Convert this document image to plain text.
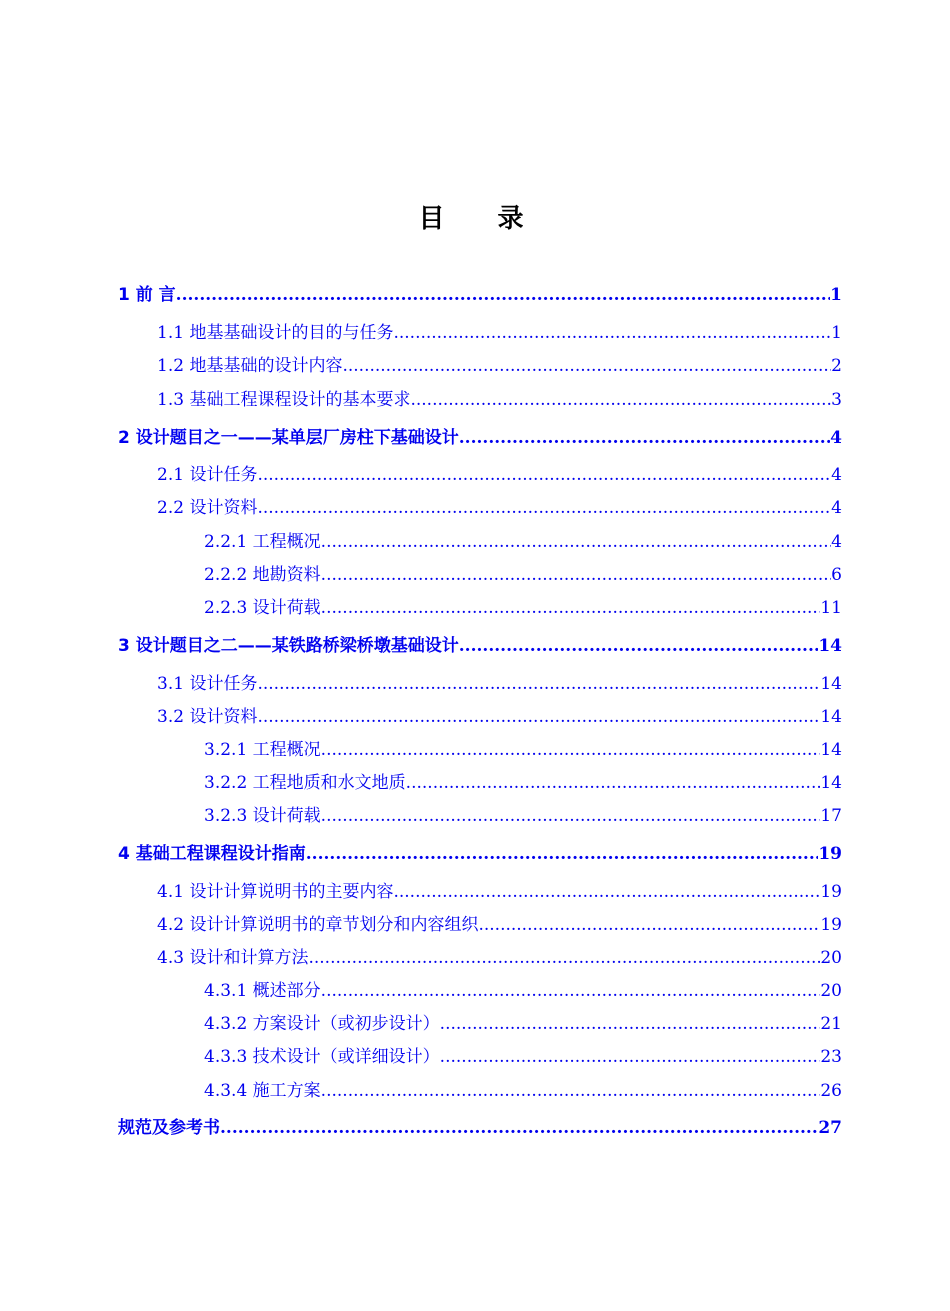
目 录
1 前 言 .....	1
1.1 地基基础设计的目的与任务 .....	1
1.2 地基基础的设计内容 .....	2
1.3 基础工程课程设计的基本要求 .....	3
2 设计题目之一——某单层厂房柱下基础设计 .....	4
2.1 设计任务 .....	4
2.2 设计资料 .....	4
2.2.1 工程概况 .....	4
2.2.2 地勘资料 .....	6
2.2.3 设计荷载 .....	11
3 设计题目之二——某铁路桥梁桥墩基础设计 .....	14
3.1 设计任务 .....	14
3.2 设计资料 .....	14
3.2.1 工程概况 .....	14
3.2.2 工程地质和水文地质 .....	14
3.2.3 设计荷载 .....	17
4 基础工程课程设计指南 .....	19
4.1 设计计算说明书的主要内容 .....	19
4.2 设计计算说明书的章节划分和内容组织 .....	19
4.3 设计和计算方法 .....	20
4.3.1 概述部分 .....	20
4.3.2 方案设计（或初步设计） .....	21
4.3.3 技术设计（或详细设计） .....	23
4.3.4 施工方案 .....	26
规范及参考书 .....	27
